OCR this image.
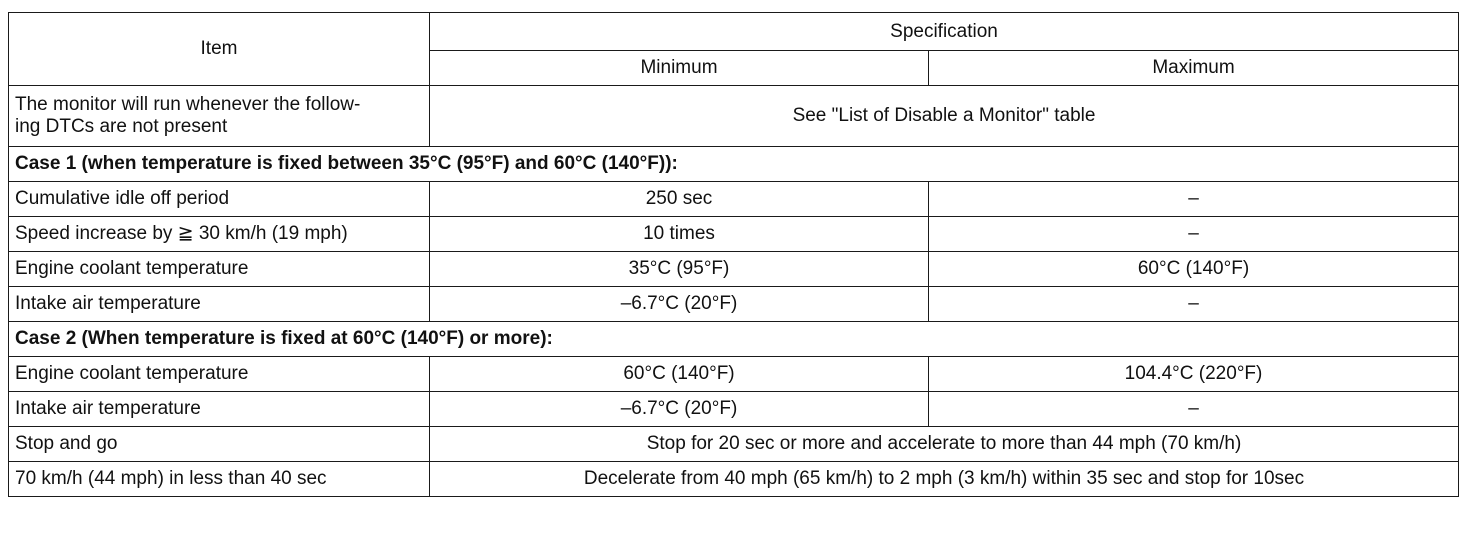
Item	Specification	
	Minimum	Maximum
The monitor will run whenever the follow-
ing DTCs are not present	See "List of Disable a Monitor" table	
Case 1 (when temperature is fixed between 35°C (95°F) and 60°C (140°F)):		
Cumulative idle off period	250 sec	–
Speed increase by ≧ 30 km/h (19 mph)	10 times	–
Engine coolant temperature	35°C (95°F)	60°C (140°F)
Intake air temperature	–6.7°C (20°F)	–
Case 2 (When temperature is fixed at 60°C (140°F) or more):		
Engine coolant temperature	60°C (140°F)	104.4°C (220°F)
Intake air temperature	–6.7°C (20°F)	–
Stop and go	Stop for 20 sec or more and accelerate to more than 44 mph (70 km/h)	
70 km/h (44 mph) in less than 40 sec	Decelerate from 40 mph (65 km/h) to 2 mph (3 km/h) within 35 sec and stop for 10sec	
